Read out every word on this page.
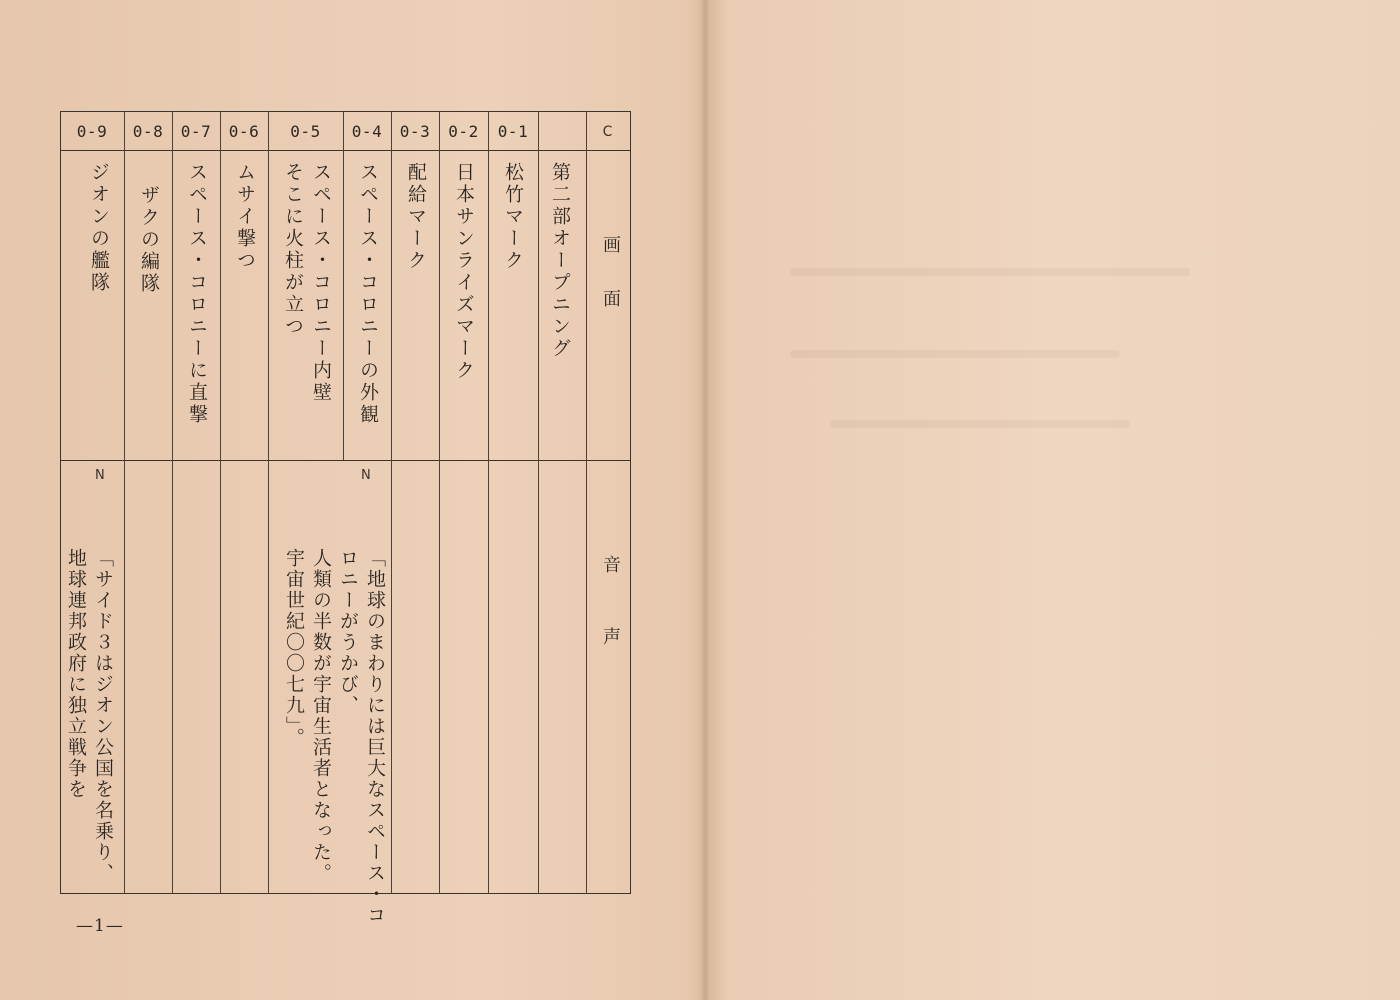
C
画　　面
音　　　声
0-1
0-2
0-3
0-4
0-5
0-6
0-7
0-8
0-9
第二部オープニング
松竹マーク
日本サンライズマーク
配給マーク
スペース・コロニーの外観
スペース・コロニー内壁
そこに火柱が立つ
ムサイ撃つ
スペース・コロニーに直撃
ザクの編隊
ジオンの艦隊
N
「地球のまわりには巨大なスペース・コ
ロニーがうかび、
人類の半数が宇宙生活者となった。
宇宙世紀〇〇七九」。
N
「サイド３はジオン公国を名乗り、
地球連邦政府に独立戦争を
—1—
